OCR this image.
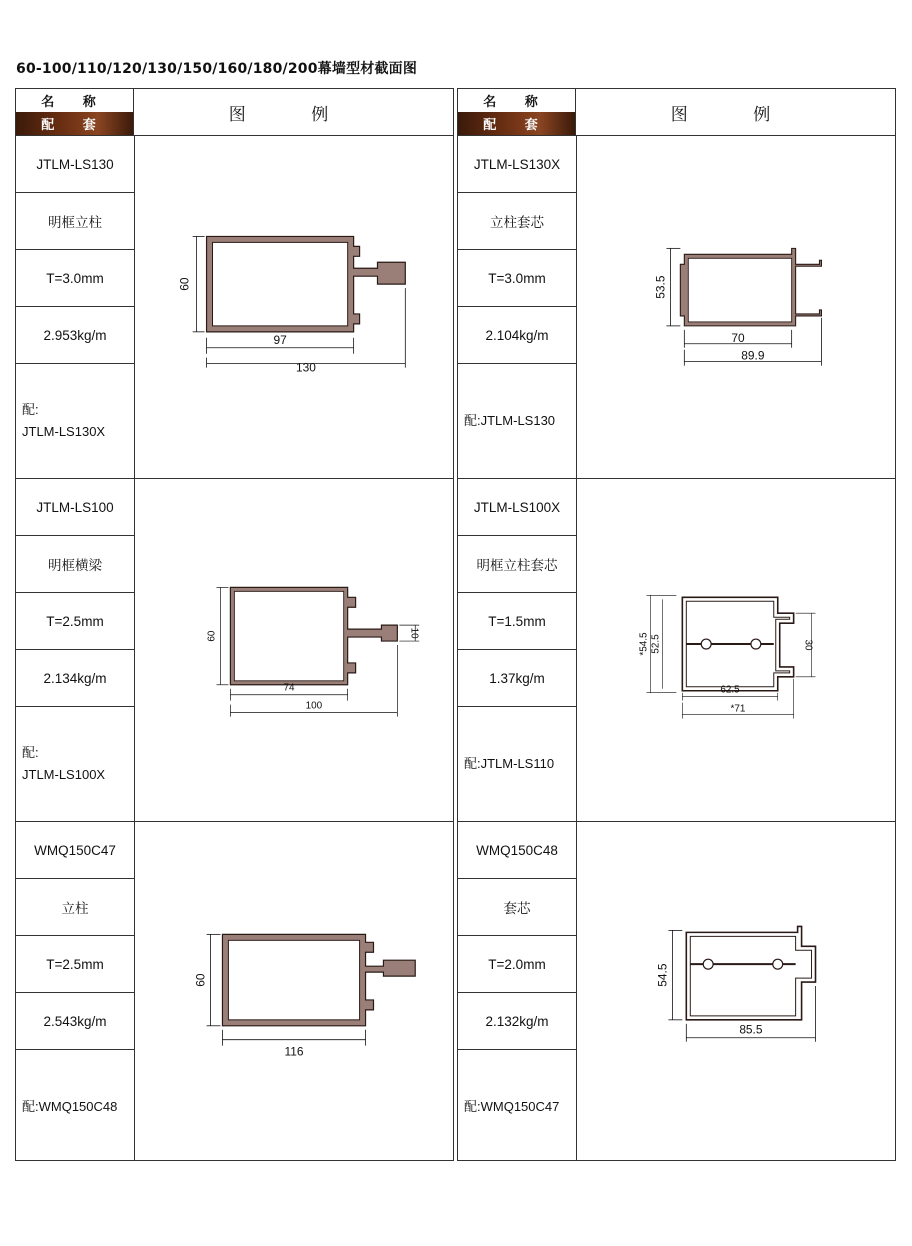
60-100/110/120/130/150/160/180/200幕墙型材截面图
名 称
配 套
图 例
JTLM-LS130
明框立柱
T=3.0mm
2.953kg/m
配:
JTLM-LS130X
60
97
130
JTLM-LS100
明框横梁
T=2.5mm
2.134kg/m
配:
JTLM-LS100X
60	10
74
100
WMQ150C47
立柱
T=2.5mm
2.543kg/m
配:WMQ150C48
60
116
名 称
配 套
图 例
JTLM-LS130X
立柱套芯
T=3.0mm
2.104kg/m
配:JTLM-LS130
53.5
70
89.9
JTLM-LS100X
明框立柱套芯
T=1.5mm
1.37kg/m
配:JTLM-LS110
*54.5 52.5	30
62.5
*71
WMQ150C48
套芯
T=2.0mm
2.132kg/m
配:WMQ150C47
54.5
85.5
